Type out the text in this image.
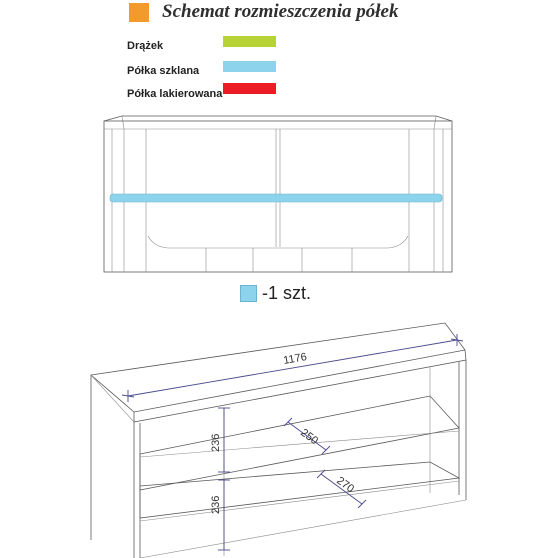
Schemat rozmieszczenia półek
Drążek
Półka szklana
Półka lakierowana
1176
250
270
236
236
-1 szt.
